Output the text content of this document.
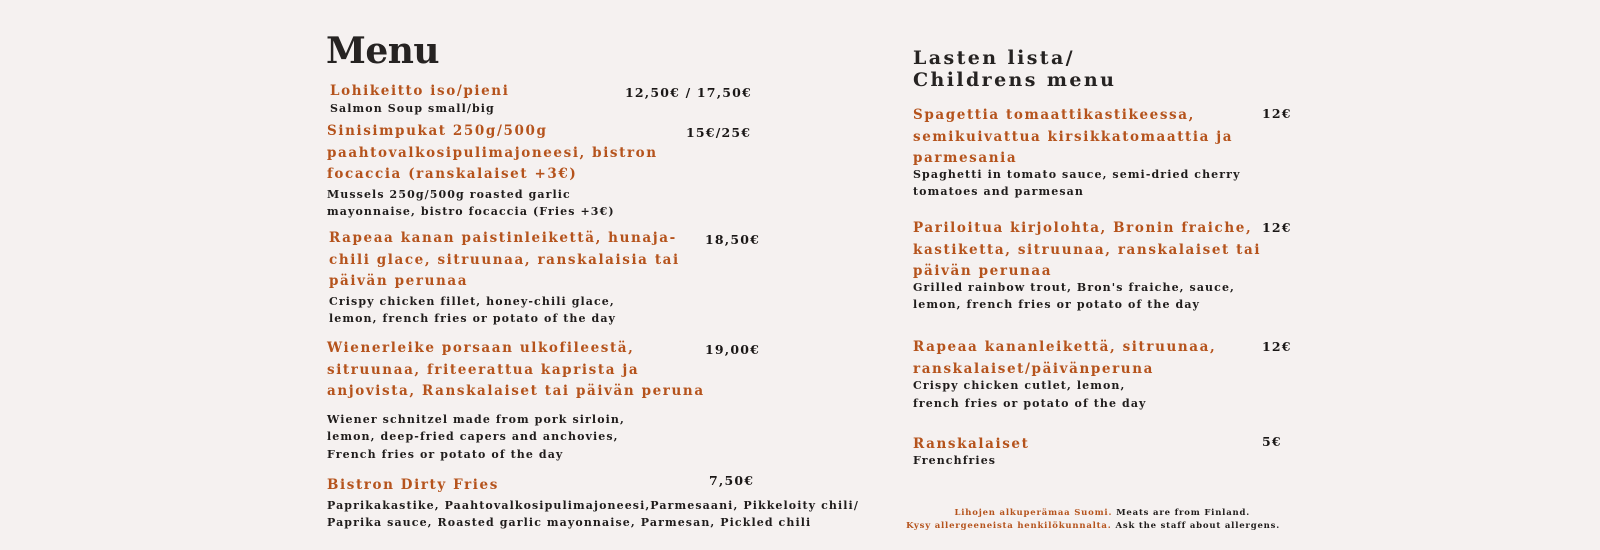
Menu
Lohikeitto iso/pieni
Salmon Soup small/big
12,50€ / 17,50€
Sinisimpukat 250g/500g
paahtovalkosipulimajoneesi, bistron
focaccia (ranskalaiset +3€)
Mussels 250g/500g roasted garlic
mayonnaise, bistro focaccia (Fries +3€)
15€/25€
Rapeaa kanan paistinleikettä, hunaja-
chili glace, sitruunaa, ranskalaisia tai
päivän perunaa
Crispy chicken fillet, honey-chili glace,
lemon, french fries or potato of the day
18,50€
Wienerleike porsaan ulkofileestä,
sitruunaa, friteerattua kaprista ja
anjovista, Ranskalaiset tai päivän peruna
Wiener schnitzel made from pork sirloin,
lemon, deep-fried capers and anchovies,
French fries or potato of the day
19,00€
Bistron Dirty Fries
Paprikakastike, Paahtovalkosipulimajoneesi,Parmesaani, Pikkeloity chili/
Paprika sauce, Roasted garlic mayonnaise, Parmesan, Pickled chili
7,50€
Lasten lista/
Childrens menu
Spagettia tomaattikastikeessa,
semikuivattua kirsikkatomaattia ja
parmesania
Spaghetti in tomato sauce, semi-dried cherry
tomatoes and parmesan
12€
Pariloitua kirjolohta, Bronin fraiche,
kastiketta, sitruunaa, ranskalaiset tai
päivän perunaa
Grilled rainbow trout, Bron's fraiche, sauce,
lemon, french fries or potato of the day
12€
Rapeaa kananleikettä, sitruunaa,
ranskalaiset/päivänperuna
Crispy chicken cutlet, lemon,
french fries or potato of the day
12€
Ranskalaiset
Frenchfries
5€
Lihojen alkuperämaa Suomi. Meats are from Finland.
Kysy allergeeneista henkilökunnalta. Ask the staff about allergens.
